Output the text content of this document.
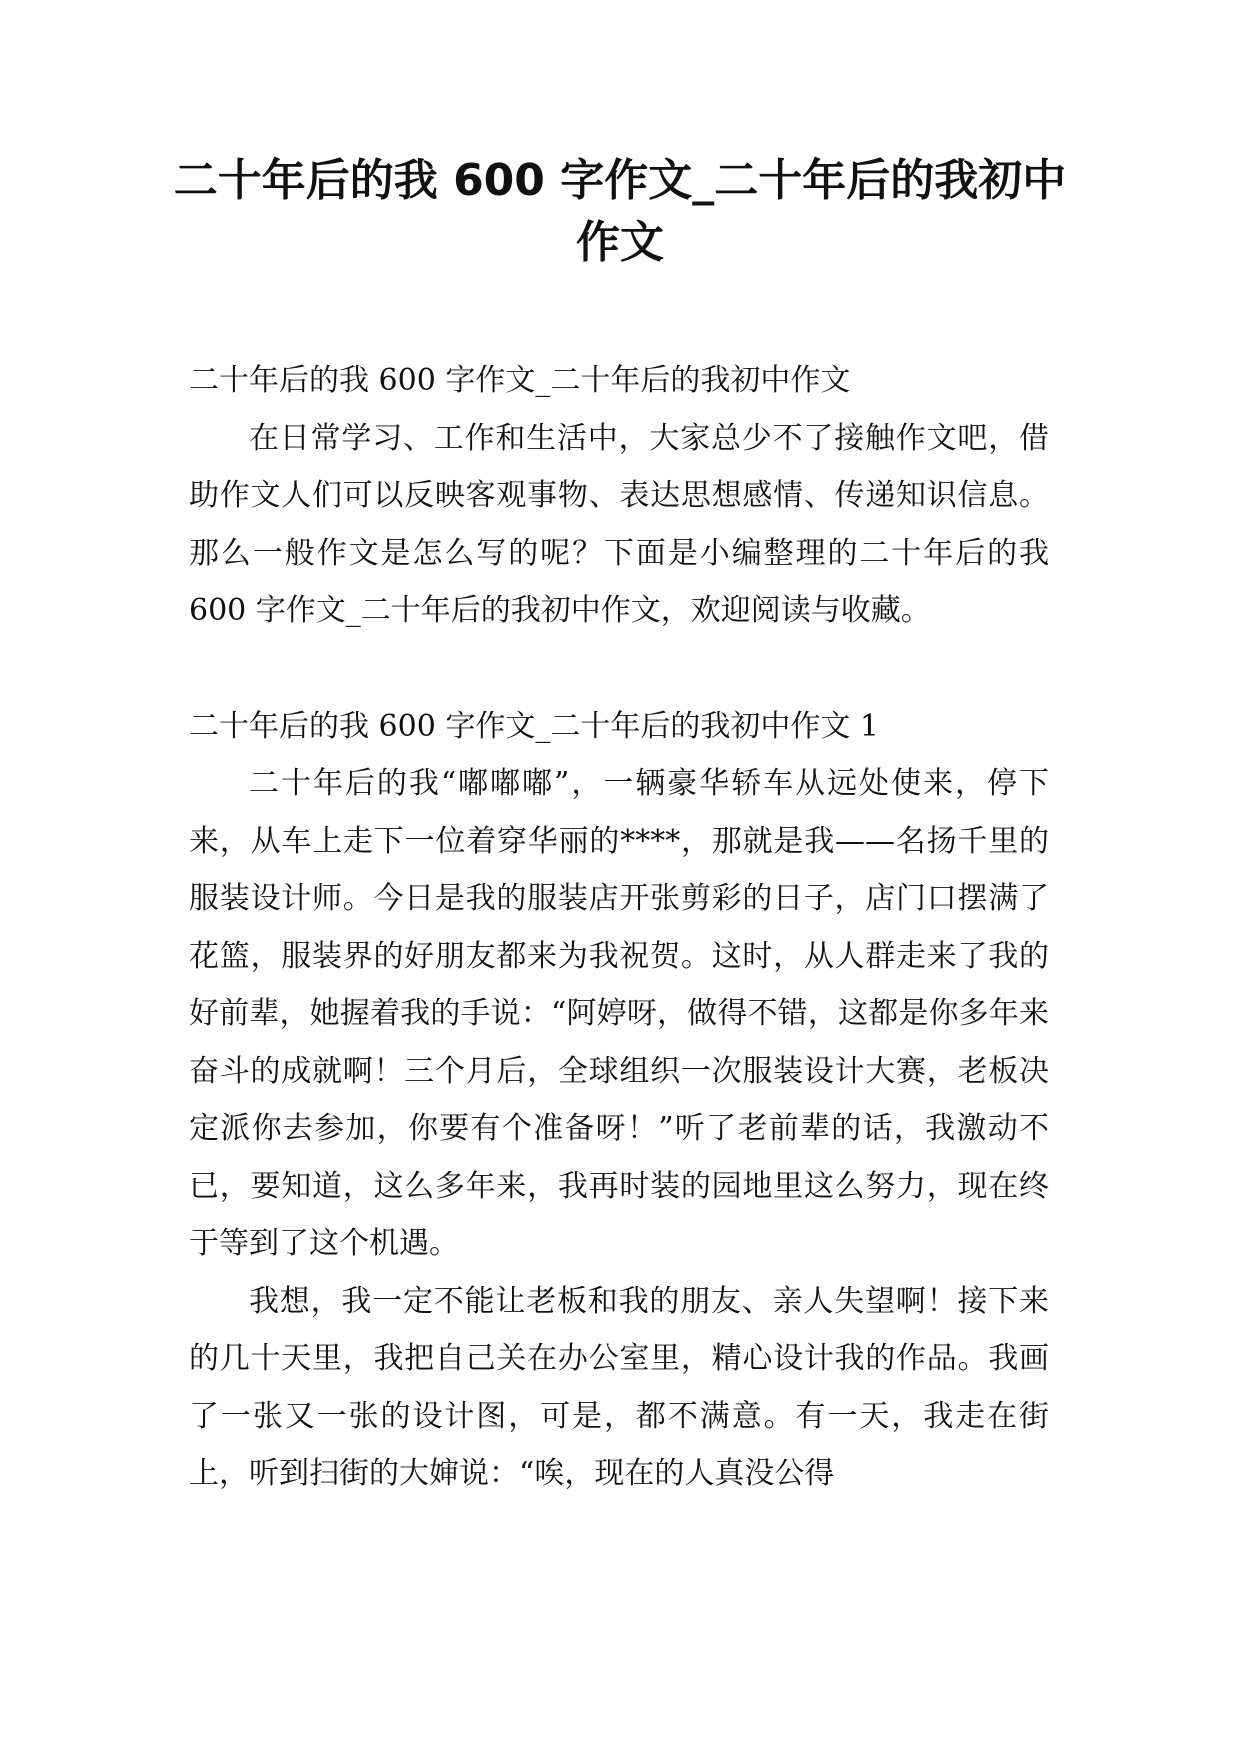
二十年后的我 600 字作文_二十年后的我初中作文

二十年后的我 600 字作文_二十年后的我初中作文

在日常学习、工作和生活中，大家总少不了接触作文吧，借助作文人们可以反映客观事物、表达思想感情、传递知识信息。那么一般作文是怎么写的呢？下面是小编整理的二十年后的我 600 字作文_二十年后的我初中作文，欢迎阅读与收藏。

二十年后的我 600 字作文_二十年后的我初中作文 1

二十年后的我“嘟嘟嘟”，一辆豪华轿车从远处使来，停下来，从车上走下一位着穿华丽的****，那就是我——名扬千里的服装设计师。今日是我的服装店开张剪彩的日子，店门口摆满了花篮，服装界的好朋友都来为我祝贺。这时，从人群走来了我的好前辈，她握着我的手说：“阿婷呀，做得不错，这都是你多年来奋斗的成就啊！三个月后，全球组织一次服装设计大赛，老板决定派你去参加，你要有个准备呀！”听了老前辈的话，我激动不已，要知道，这么多年来，我再时装的园地里这么努力，现在终于等到了这个机遇。

我想，我一定不能让老板和我的朋友、亲人失望啊！接下来的几十天里，我把自己关在办公室里，精心设计我的作品。我画了一张又一张的设计图，可是，都不满意。有一天，我走在街上，听到扫街的大婶说：“唉，现在的人真没公得
